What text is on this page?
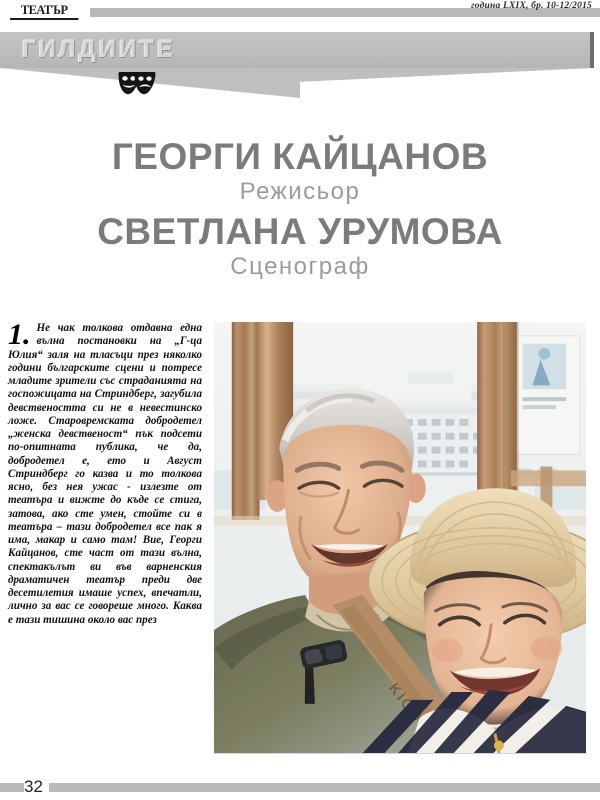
ТЕАТЪР	година LXIX, бр. 10-12/2015
ГИЛДИИТЕ
ГЕОРГИ КАЙЦАНОВ
Режисьор
СВЕТЛАНА УРУМОВА
Сценограф
1. Не чак толкова отдавна една вълна постановки на „Г-ца Юлия“ заля на тласъци през няколко години българските сцени и потресе младите зрители със страданията на госпожицата на Стриндберг, загубила девствеността си не в невестинско ложе. Старовремската добродетел „женска девственост“ пък подсети по-опитната публика, че да, добродетел е, ето и Август Стриндберг го казва и то толкова ясно, без нея ужас - излезте от театъра и вижте до къде се стига, затова, ако сте умен, стойте си в театъра – тази добродетел все пак я има, макар и само там! Вие, Георги Кайцанов, сте част от тази вълна, спектакълът ви във варненския драматичен театър преди две десетилетия имаше успех, впечатли, лично за вас се говореше много. Каква е тази тишина около вас през

32
